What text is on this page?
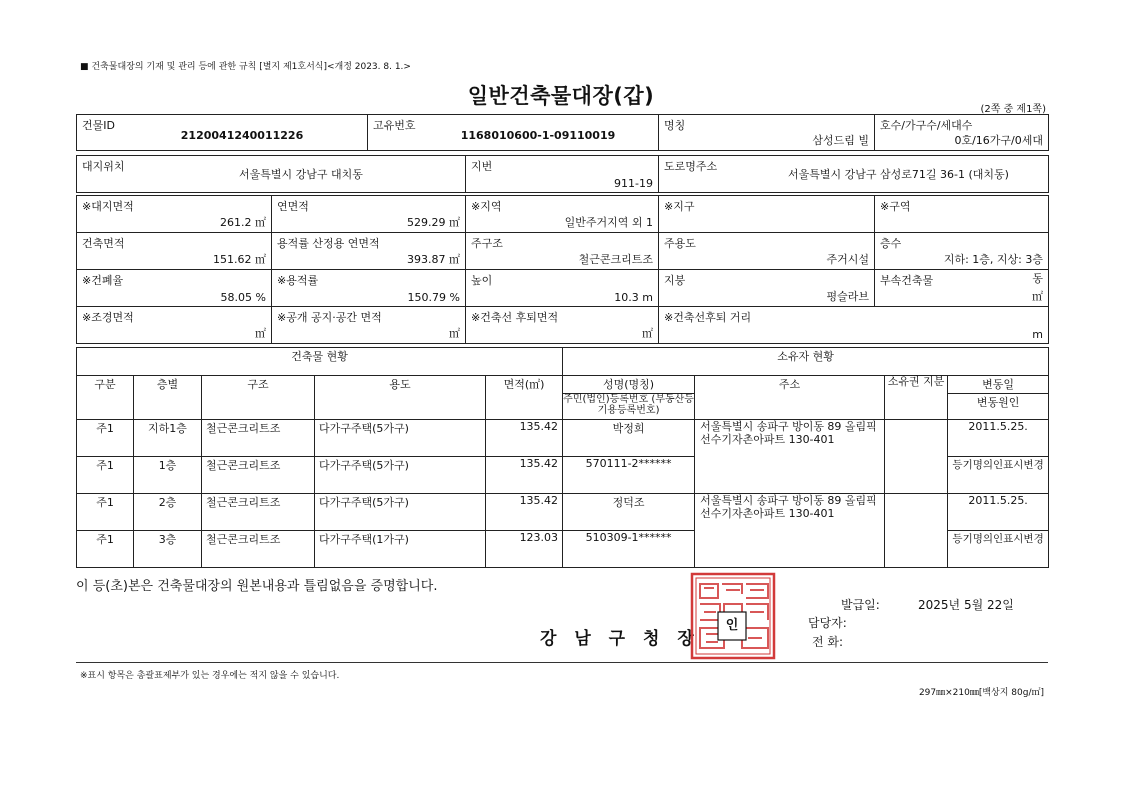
■ 건축물대장의 기재 및 관리 등에 관한 규칙 [별지 제1호서식]<개정 2023. 8. 1.>
일반건축물대장(갑)
(2쪽 중 제1쪽)
건물ID
2120041240011226

고유번호
1168010600-1-09110019

명칭
삼성드림 빌

호수/가구수/세대수
0호/16가구/0세대
대지위치
서울특별시 강남구 대치동

지번
911-19

도로명주소
서울특별시 강남구 삼성로71길 36-1 (대치동)
※대지면적
261.2 ㎡	연면적
529.29 ㎡	※지역
일반주거지역 외 1	※지구	※구역

건축면적
151.62 ㎡	용적률 산정용 연면적
393.87 ㎡	주구조
철근콘크리트조	주용도
주거시설	층수
지하: 1층, 지상: 3층

※건폐율
58.05 %	※용적률
150.79 %	높이
10.3 m	지붕
평슬라브	부속건축물 동
㎡

※조경면적
㎡	※공개 공지·공간 면적
㎡	※건축선 후퇴면적
㎡	※건축선후퇴 거리
m	
건축물 현황					소유자 현황			
구분	층별	구조	용도	면적(㎡)	성명(명칭)	주소	소유권 지분	변동일
					주민(법인)등록번호 (부동산등기용등록번호)			변동원인
주1	지하1층	철근콘크리트조	다가구주택(5가구)	135.42	박정희	서울특별시 송파구 방이동 89 올림픽선수기자촌아파트 130-401		2011.5.25.
주1	1층	철근콘크리트조	다가구주택(5가구)	135.42	570111-2******			등기명의인표시변경
주1	2층	철근콘크리트조	다가구주택(5가구)	135.42	정덕조	서울특별시 송파구 방이동 89 올림픽선수기자촌아파트 130-401		2011.5.25.
주1	3층	철근콘크리트조	다가구주택(1가구)	123.03	510309-1******			등기명의인표시변경
이 등(초)본은 건축물대장의 원본내용과 틀림없음을 증명합니다.
강 남 구 청 장
인
발급일:	2025년 5월 22일
담당자:
전 화:
※표시 항목은 총괄표제부가 있는 경우에는 적지 않을 수 있습니다.
297㎜×210㎜[백상지 80g/㎡]
